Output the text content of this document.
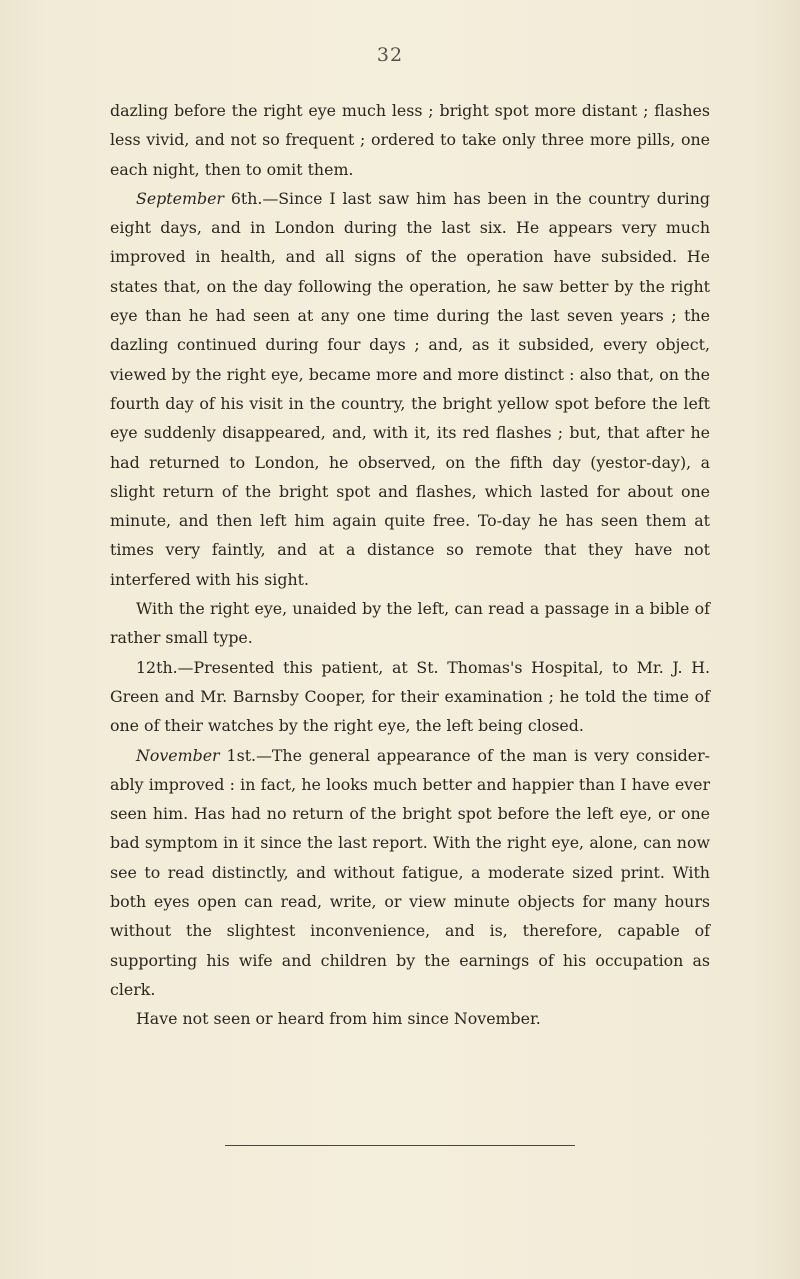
32

dazling before the right eye much less ; bright spot more distant ; flashes less vivid, and not so frequent ; ordered to take only three more pills, one each night, then to omit them.

September 6th.—Since I last saw him has been in the country during eight days, and in London during the last six. He appears very much improved in health, and all signs of the operation have subsided. He states that, on the day following the operation, he saw better by the right eye than he had seen at any one time during the last seven years ; the dazling continued during four days ; and, as it subsided, every object, viewed by the right eye, became more and more distinct : also that, on the fourth day of his visit in the country, the bright yellow spot before the left eye suddenly disappeared, and, with it, its red flashes ; but, that after he had returned to London, he observed, on the fifth day (yestor-day), a slight return of the bright spot and flashes, which lasted for about one minute, and then left him again quite free. To-day he has seen them at times very faintly, and at a distance so remote that they have not interfered with his sight.

With the right eye, unaided by the left, can read a passage in a bible of rather small type.

12th.—Presented this patient, at St. Thomas's Hospital, to Mr. J. H. Green and Mr. Barnsby Cooper, for their examination ; he told the time of one of their watches by the right eye, the left being closed.

November 1st.—The general appearance of the man is very consider-ably improved : in fact, he looks much better and happier than I have ever seen him. Has had no return of the bright spot before the left eye, or one bad symptom in it since the last report. With the right eye, alone, can now see to read distinctly, and without fatigue, a moderate sized print. With both eyes open can read, write, or view minute objects for many hours without the slightest inconvenience, and is, therefore, capable of supporting his wife and children by the earnings of his occupation as clerk.

Have not seen or heard from him since November.
